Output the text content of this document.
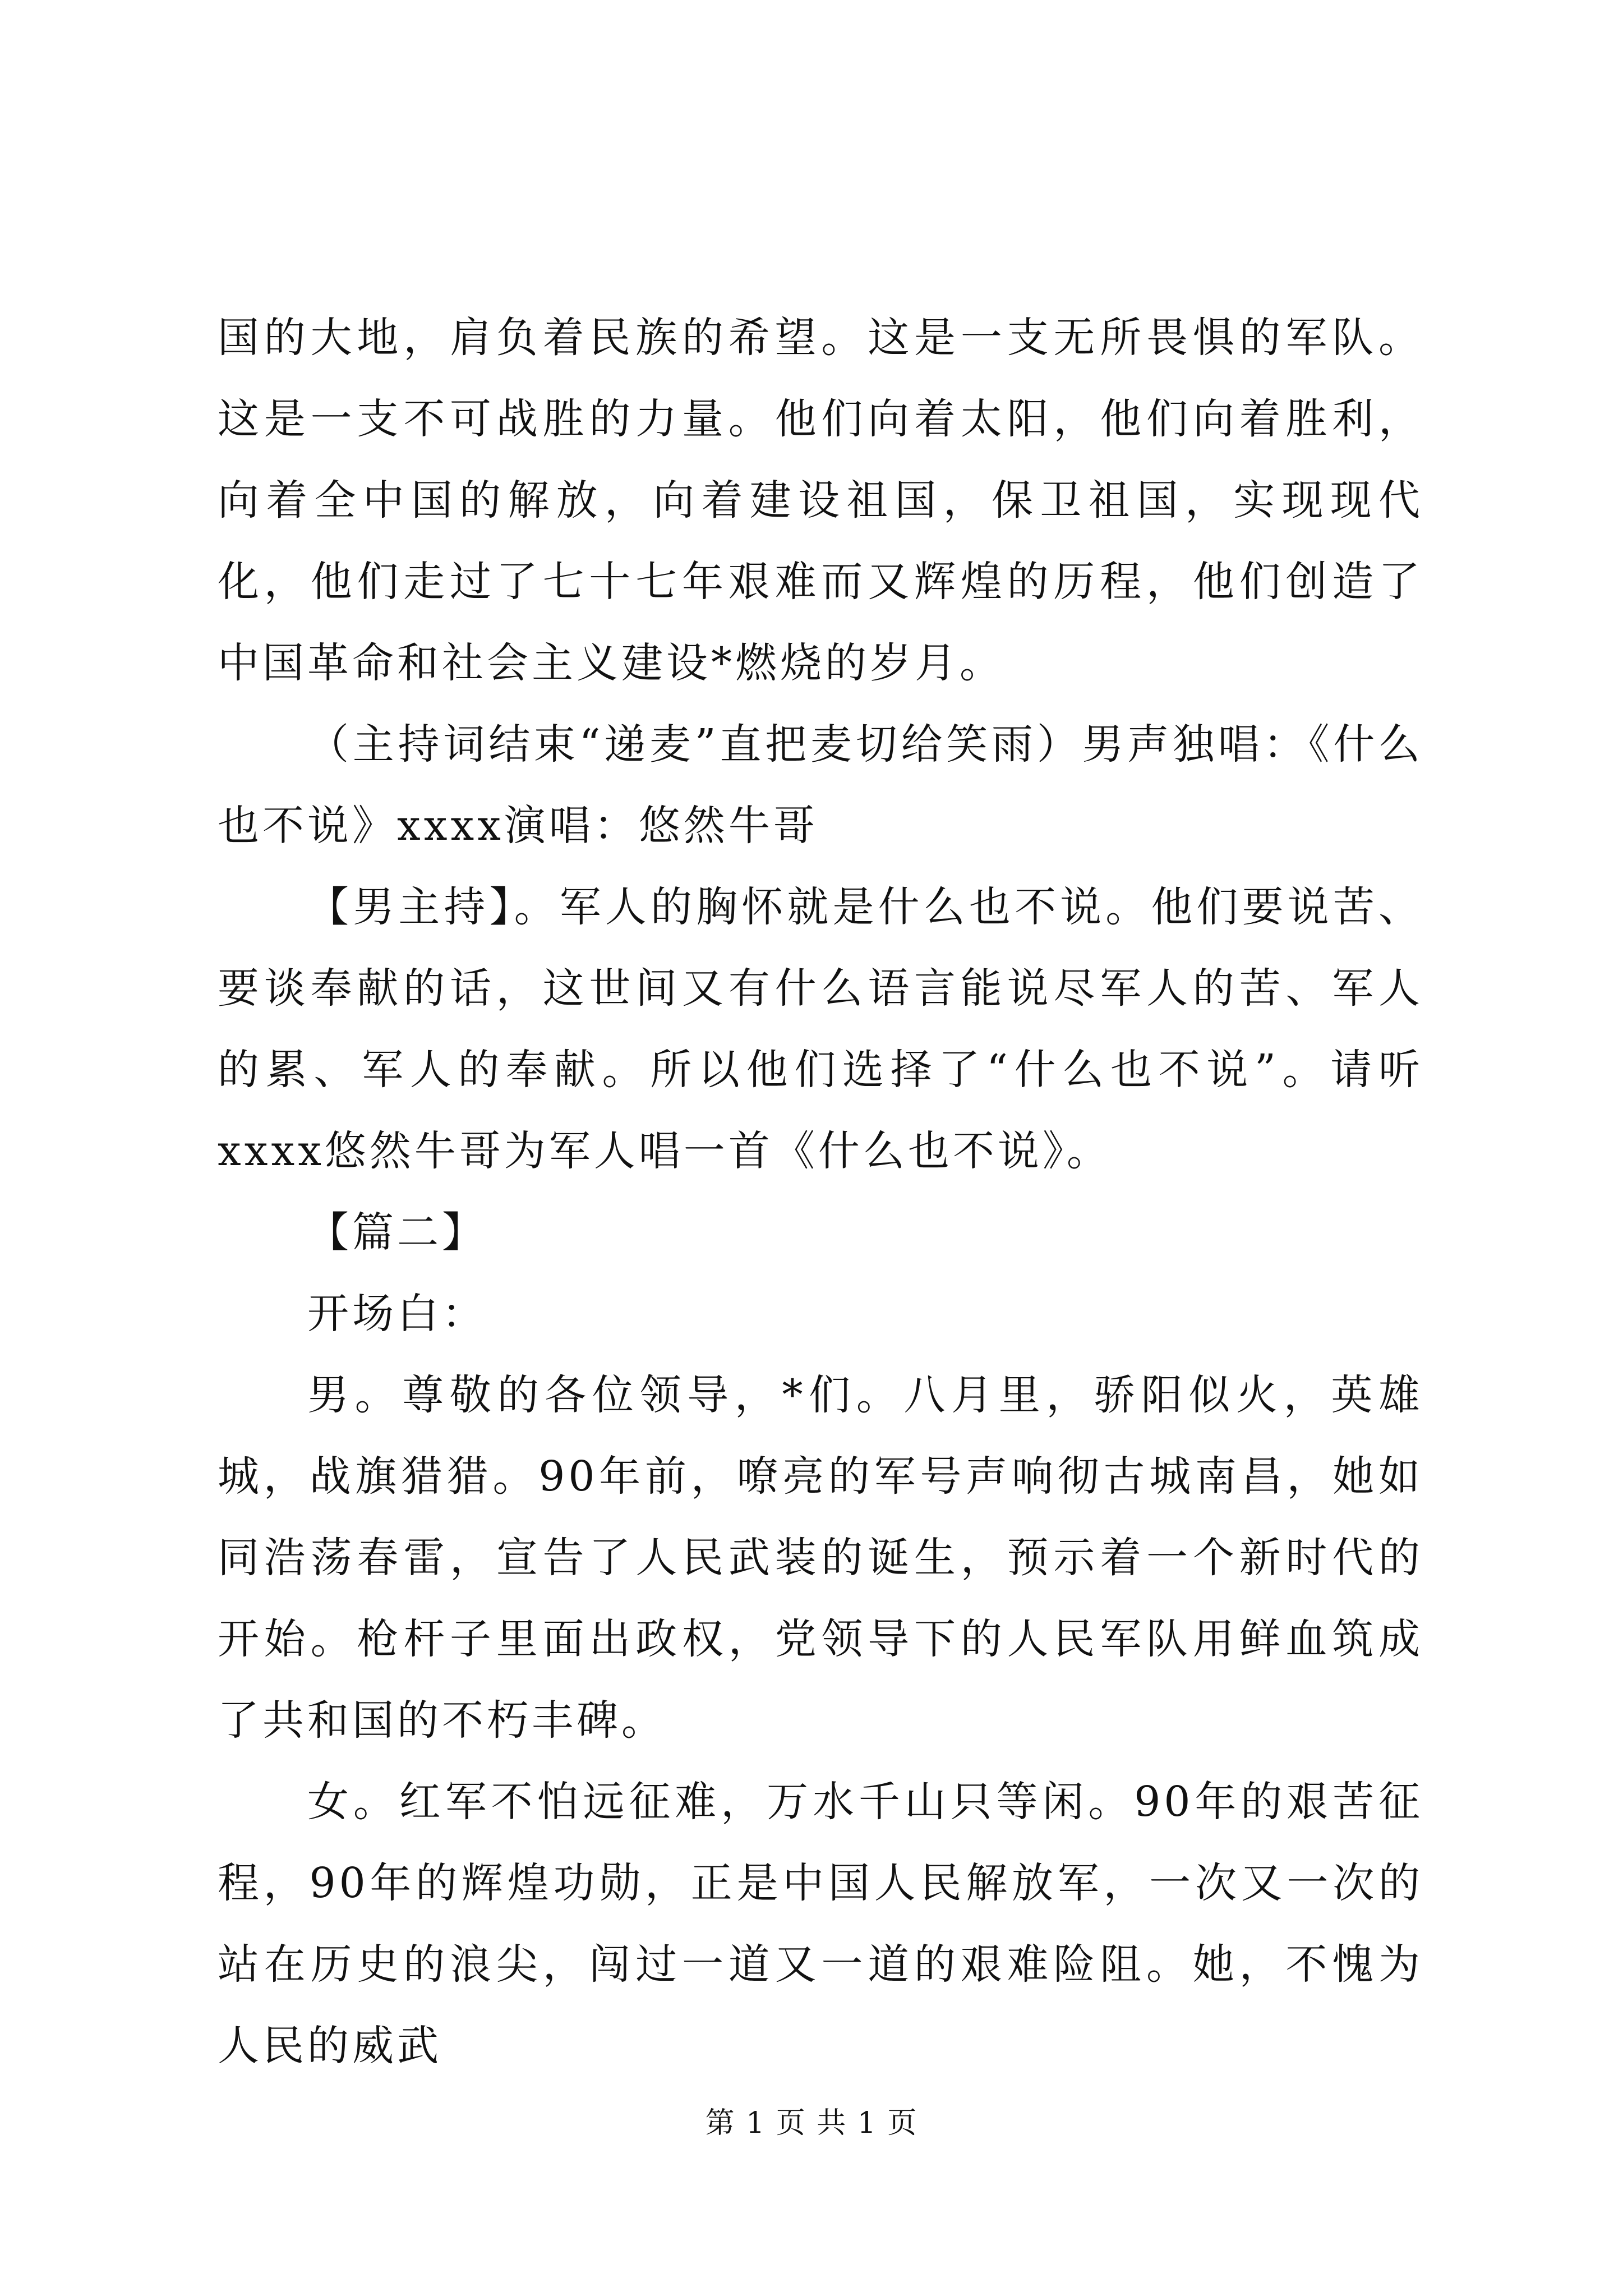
国的大地，肩负着民族的希望。这是一支无所畏惧的军队。这是一支不可战胜的力量。他们向着太阳，他们向着胜利，向着全中国的解放，向着建设祖国，保卫祖国，实现现代化，他们走过了七十七年艰难而又辉煌的历程，他们创造了中国革命和社会主义建设*燃烧的岁月。

（主持词结束“递麦”直把麦切给笑雨）男声独唱：《什么也不说》xxxx演唱：悠然牛哥

【男主持】。军人的胸怀就是什么也不说。他们要说苦、要谈奉献的话，这世间又有什么语言能说尽军人的苦、军人的累、军人的奉献。所以他们选择了“什么也不说”。请听xxxx悠然牛哥为军人唱一首《什么也不说》。

【篇二】

开场白：

男。尊敬的各位领导，*们。八月里，骄阳似火，英雄城，战旗猎猎。90年前，嘹亮的军号声响彻古城南昌，她如同浩荡春雷，宣告了人民武装的诞生，预示着一个新时代的开始。枪杆子里面出政权，党领导下的人民军队用鲜血筑成了共和国的不朽丰碑。

女。红军不怕远征难，万水千山只等闲。90年的艰苦征程，90年的辉煌功勋，正是中国人民解放军，一次又一次的站在历史的浪尖，闯过一道又一道的艰难险阻。她，不愧为人民的威武

第 1 页 共 1 页
